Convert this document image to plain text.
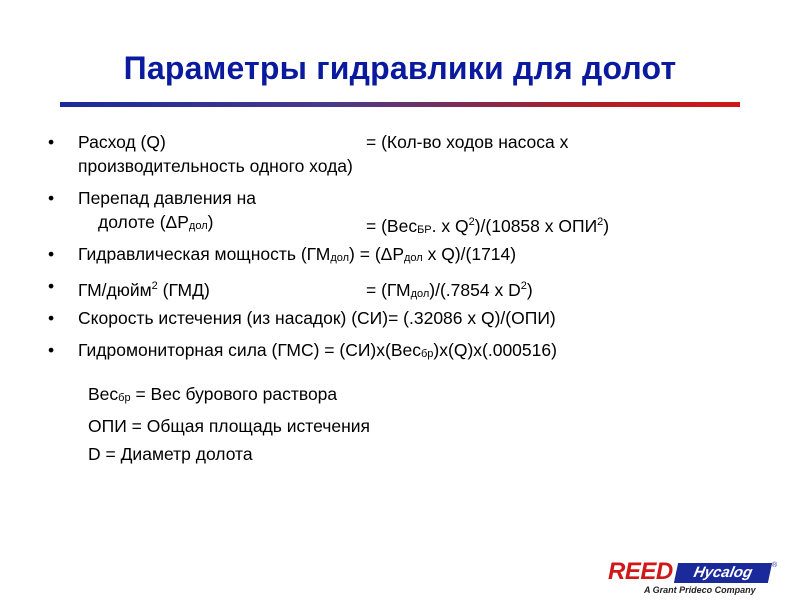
Параметры гидравлики для долот
• Расход (Q)	= (Кол-во ходов насоса х
производительность одного хода)
• Перепад давления на
долоте (ΔPдол)	= (ВесБР. х $Q^2)/(10858$ х ОПИ$^2$)
• Гидравлическая мощность (ГМдол) = (ΔPдол х Q)/(1714)
• ГМ/дюйм$^2$ (ГМД)	= (ГМдол)/(.7854 х $D^2$)
• Скорость истечения (из насадок) (СИ)= (.32086 х Q)/(ОПИ)
• Гидромониторная сила (ГМС) = (СИ)х(Весбр)х(Q)х(.000516)
Весбр = Вес бурового раствора
ОПИ = Общая площадь истечения
D = Диаметр долота
REED	Hycalog	®
A Grant Prideco Company
